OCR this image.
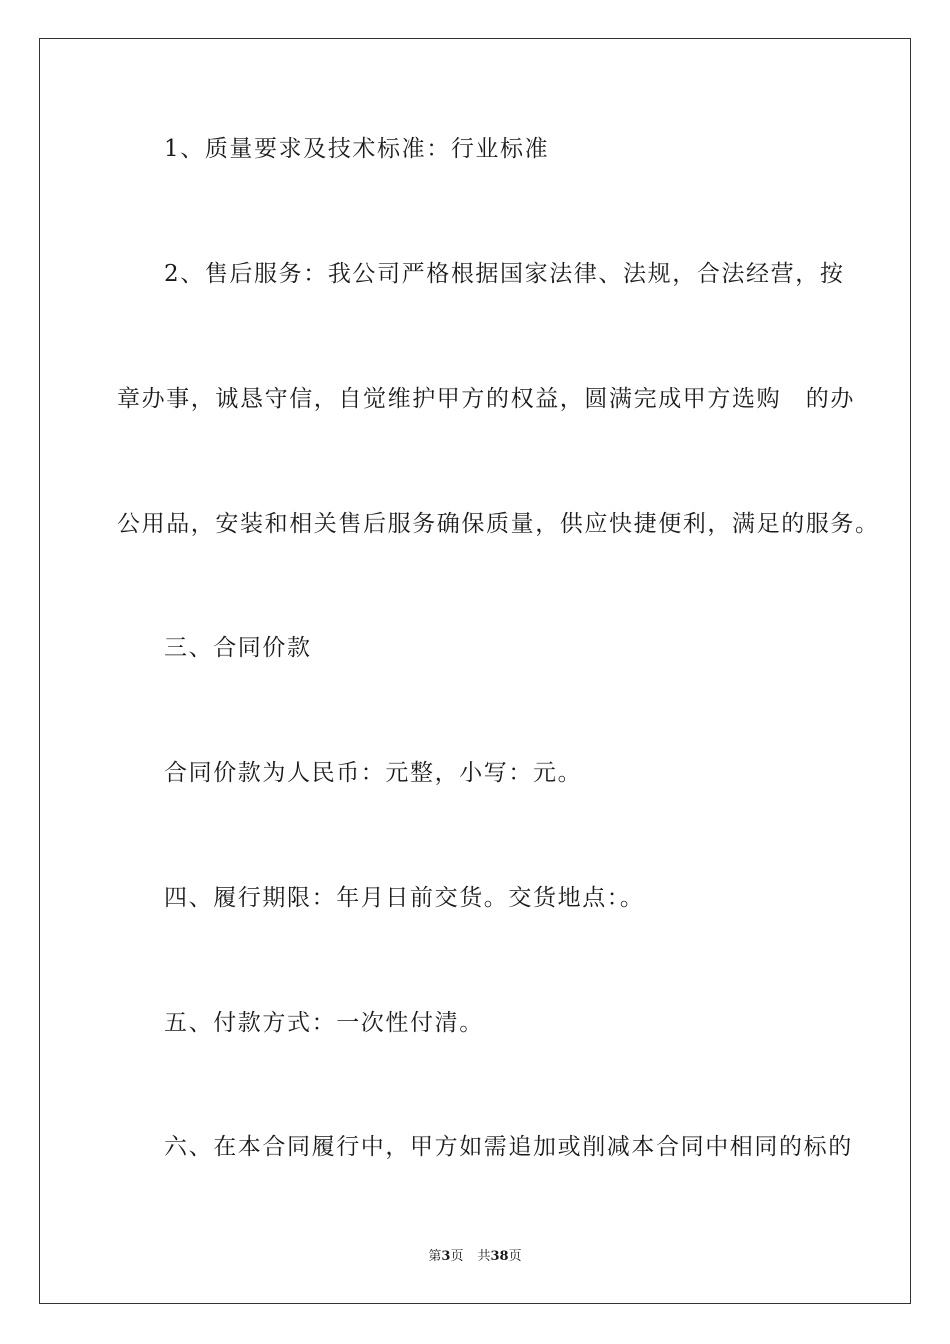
1、质量要求及技术标准：行业标准
2、售后服务：我公司严格根据国家法律、法规，合法经营，按
章办事，诚恳守信，自觉维护甲方的权益，圆满完成甲方选购　的办
公用品，安装和相关售后服务确保质量，供应快捷便利，满足的服务。
三、合同价款
合同价款为人民币：元整，小写：元。
四、履行期限：年月日前交货。交货地点：。
五、付款方式：一次性付清。
六、在本合同履行中，甲方如需追加或削减本合同中相同的标的
第3页 共38页
